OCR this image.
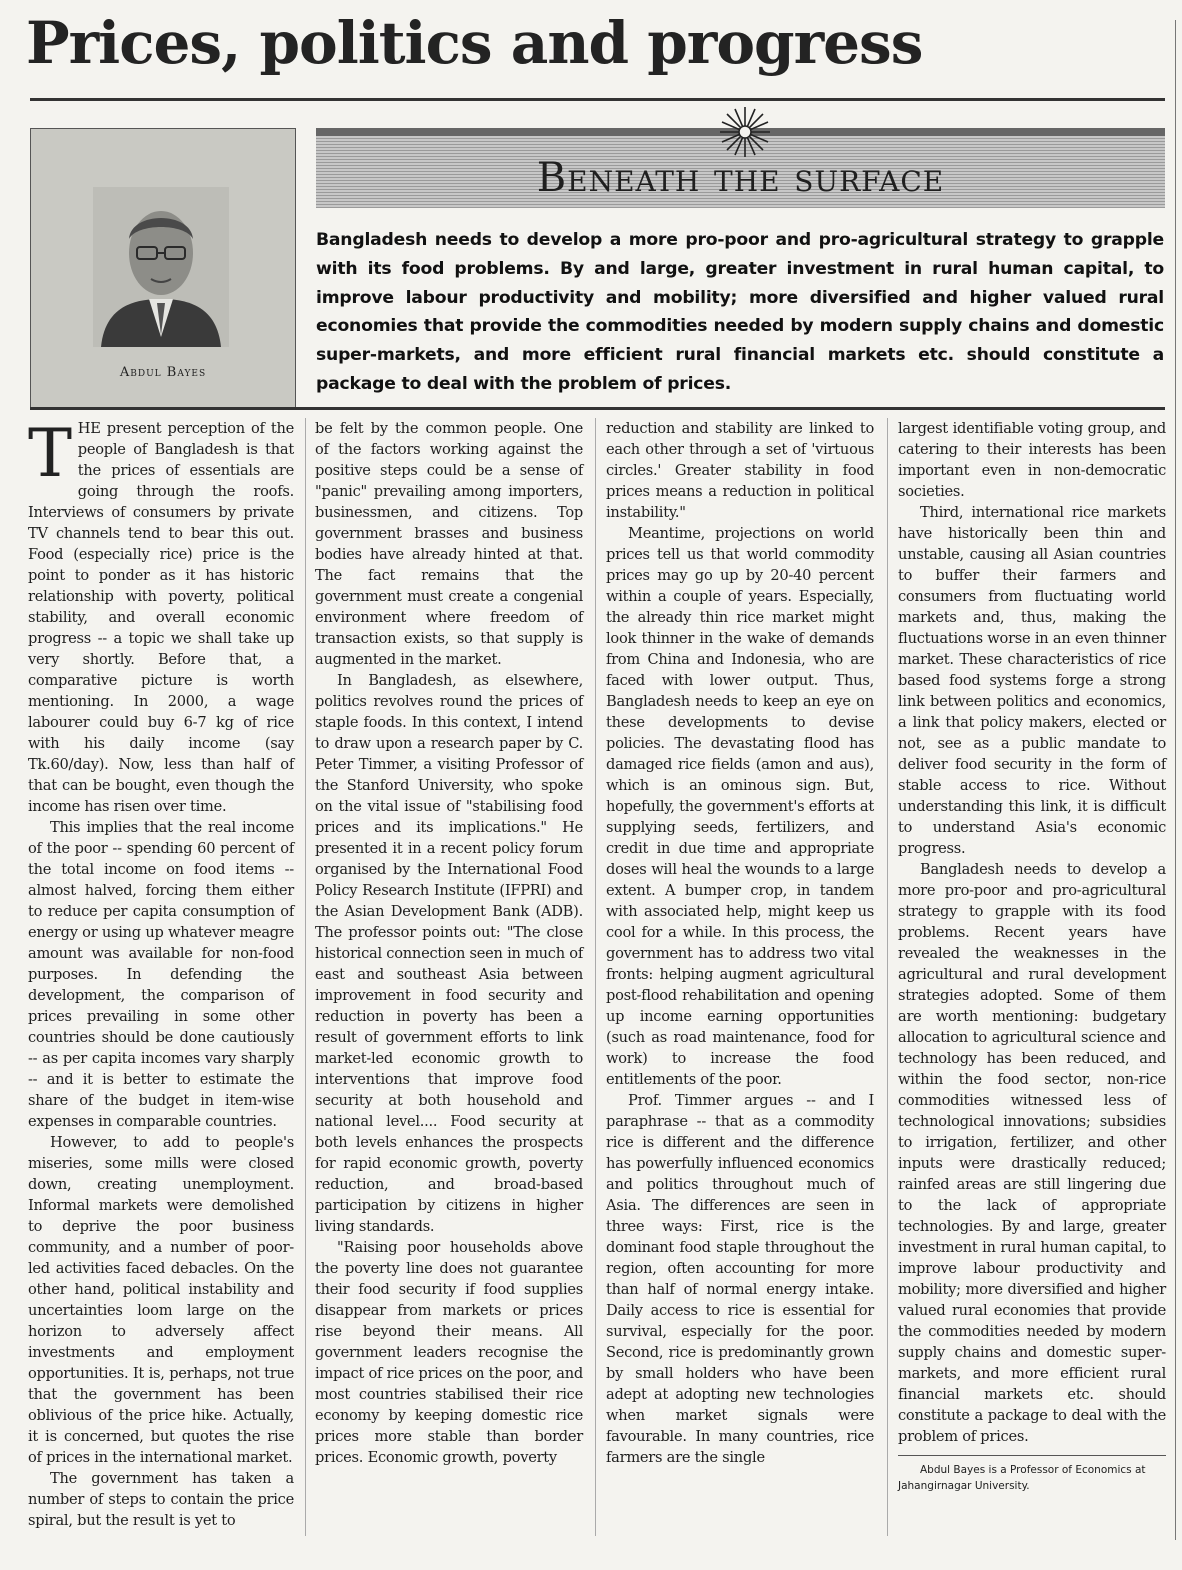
Prices, politics and progress
Abdul Bayes
Beneath the surface

Bangladesh needs to develop a more pro-poor and pro-agricultural strategy to grapple with its food problems. By and large, greater investment in rural human capital, to improve labour productivity and mobility; more diversified and higher valued rural economies that provide the commodities needed by modern supply chains and domestic super-markets, and more efficient rural financial markets etc. should constitute a package to deal with the problem of prices.

THE present perception of the people of Bangladesh is that the prices of essentials are going through the roofs. Interviews of consumers by private TV channels tend to bear this out. Food (especially rice) price is the point to ponder as it has historic relationship with poverty, political stability, and overall economic progress -- a topic we shall take up very shortly. Before that, a comparative picture is worth mentioning. In 2000, a wage labourer could buy 6-7 kg of rice with his daily income (say Tk.60/day). Now, less than half of that can be bought, even though the income has risen over time.

This implies that the real income of the poor -- spending 60 percent of the total income on food items -- almost halved, forcing them either to reduce per capita consumption of energy or using up whatever meagre amount was available for non-food purposes. In defending the development, the comparison of prices prevailing in some other countries should be done cautiously -- as per capita incomes vary sharply -- and it is better to estimate the share of the budget in item-wise expenses in comparable countries.

However, to add to people's miseries, some mills were closed down, creating unemployment. Informal markets were demolished to deprive the poor business community, and a number of poor-led activities faced debacles. On the other hand, political instability and uncertainties loom large on the horizon to adversely affect investments and employment opportunities. It is, perhaps, not true that the government has been oblivious of the price hike. Actually, it is concerned, but quotes the rise of prices in the international market.

The government has taken a number of steps to contain the price spiral, but the result is yet to

be felt by the common people. One of the factors working against the positive steps could be a sense of "panic" prevailing among importers, businessmen, and citizens. Top government brasses and business bodies have already hinted at that. The fact remains that the government must create a congenial environment where freedom of transaction exists, so that supply is augmented in the market.

In Bangladesh, as elsewhere, politics revolves round the prices of staple foods. In this context, I intend to draw upon a research paper by C. Peter Timmer, a visiting Professor of the Stanford University, who spoke on the vital issue of "stabilising food prices and its implications." He presented it in a recent policy forum organised by the International Food Policy Research Institute (IFPRI) and the Asian Development Bank (ADB). The professor points out: "The close historical connection seen in much of east and southeast Asia between improvement in food security and reduction in poverty has been a result of government efforts to link market-led economic growth to interventions that improve food security at both household and national level.... Food security at both levels enhances the prospects for rapid economic growth, poverty reduction, and broad-based participation by citizens in higher living standards.

"Raising poor households above the poverty line does not guarantee their food security if food supplies disappear from markets or prices rise beyond their means. All government leaders recognise the impact of rice prices on the poor, and most countries stabilised their rice economy by keeping domestic rice prices more stable than border prices. Economic growth, poverty

reduction and stability are linked to each other through a set of 'virtuous circles.' Greater stability in food prices means a reduction in political instability."

Meantime, projections on world prices tell us that world commodity prices may go up by 20-40 percent within a couple of years. Especially, the already thin rice market might look thinner in the wake of demands from China and Indonesia, who are faced with lower output. Thus, Bangladesh needs to keep an eye on these developments to devise policies. The devastating flood has damaged rice fields (amon and aus), which is an ominous sign. But, hopefully, the government's efforts at supplying seeds, fertilizers, and credit in due time and appropriate doses will heal the wounds to a large extent. A bumper crop, in tandem with associated help, might keep us cool for a while. In this process, the government has to address two vital fronts: helping augment agricultural post-flood rehabilitation and opening up income earning opportunities (such as road maintenance, food for work) to increase the food entitlements of the poor.

Prof. Timmer argues -- and I paraphrase -- that as a commodity rice is different and the difference has powerfully influenced economics and politics throughout much of Asia. The differences are seen in three ways: First, rice is the dominant food staple throughout the region, often accounting for more than half of normal energy intake. Daily access to rice is essential for survival, especially for the poor. Second, rice is predominantly grown by small holders who have been adept at adopting new technologies when market signals were favourable. In many countries, rice farmers are the single

largest identifiable voting group, and catering to their interests has been important even in non-democratic societies.

Third, international rice markets have historically been thin and unstable, causing all Asian countries to buffer their farmers and consumers from fluctuating world markets and, thus, making the fluctuations worse in an even thinner market. These characteristics of rice based food systems forge a strong link between politics and economics, a link that policy makers, elected or not, see as a public mandate to deliver food security in the form of stable access to rice. Without understanding this link, it is difficult to understand Asia's economic progress.

Bangladesh needs to develop a more pro-poor and pro-agricultural strategy to grapple with its food problems. Recent years have revealed the weaknesses in the agricultural and rural development strategies adopted. Some of them are worth mentioning: budgetary allocation to agricultural science and technology has been reduced, and within the food sector, non-rice commodities witnessed less of technological innovations; subsidies to irrigation, fertilizer, and other inputs were drastically reduced; rainfed areas are still lingering due to the lack of appropriate technologies. By and large, greater investment in rural human capital, to improve labour productivity and mobility; more diversified and higher valued rural economies that provide the commodities needed by modern supply chains and domestic super-markets, and more efficient rural financial markets etc. should constitute a package to deal with the problem of prices.

Abdul Bayes is a Professor of Economics at Jahangirnagar University.
